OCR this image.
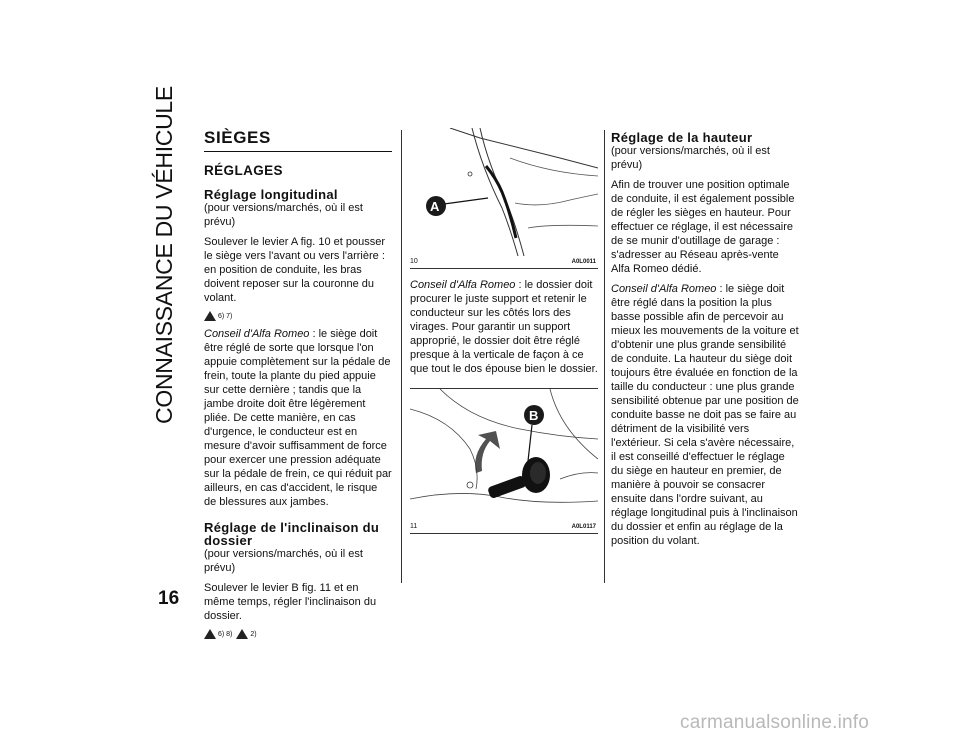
CONNAISSANCE DU VÉHICULE
16
SIÈGES
RÉGLAGES
Réglage longitudinal
(pour versions/marchés, où il est prévu)

Soulever le levier A fig. 10 et pousser le siège vers l'avant ou vers l'arrière : en position de conduite, les bras doivent reposer sur la couronne du volant.

6) 7)

Conseil d'Alfa Romeo : le siège doit être réglé de sorte que lorsque l'on appuie complètement sur la pédale de frein, toute la plante du pied appuie sur cette dernière ; tandis que la jambe droite doit être légèrement pliée. De cette manière, en cas d'urgence, le conducteur est en mesure d'avoir suffisamment de force pour exercer une pression adéquate sur la pédale de frein, ce qui réduit par ailleurs, en cas d'accident, le risque de blessures aux jambes.

Réglage de l'inclinaison du dossier
(pour versions/marchés, où il est prévu)

Soulever le levier B fig. 11 et en même temps, régler l'inclinaison du dossier.

6) 8)	2)
A
10	A0L0011

Conseil d'Alfa Romeo : le dossier doit procurer le juste support et retenir le conducteur sur les côtés lors des virages. Pour garantir un support approprié, le dossier doit être réglé presque à la verticale de façon à ce que tout le dos épouse bien le dossier.

B
11	A0L0117
Réglage de la hauteur
(pour versions/marchés, où il est prévu)

Afin de trouver une position optimale de conduite, il est également possible de régler les sièges en hauteur. Pour effectuer ce réglage, il est nécessaire de se munir d'outillage de garage : s'adresser au Réseau après-vente Alfa Romeo dédié.

Conseil d'Alfa Romeo : le siège doit être réglé dans la position la plus basse possible afin de percevoir au mieux les mouvements de la voiture et d'obtenir une plus grande sensibilité de conduite. La hauteur du siège doit toujours être évaluée en fonction de la taille du conducteur : une plus grande sensibilité obtenue par une position de conduite basse ne doit pas se faire au détriment de la visibilité vers l'extérieur. Si cela s'avère nécessaire, il est conseillé d'effectuer le réglage du siège en hauteur en premier, de manière à pouvoir se consacrer ensuite dans l'ordre suivant, au réglage longitudinal puis à l'inclinaison du dossier et enfin au réglage de la position du volant.

carmanualsonline.info
